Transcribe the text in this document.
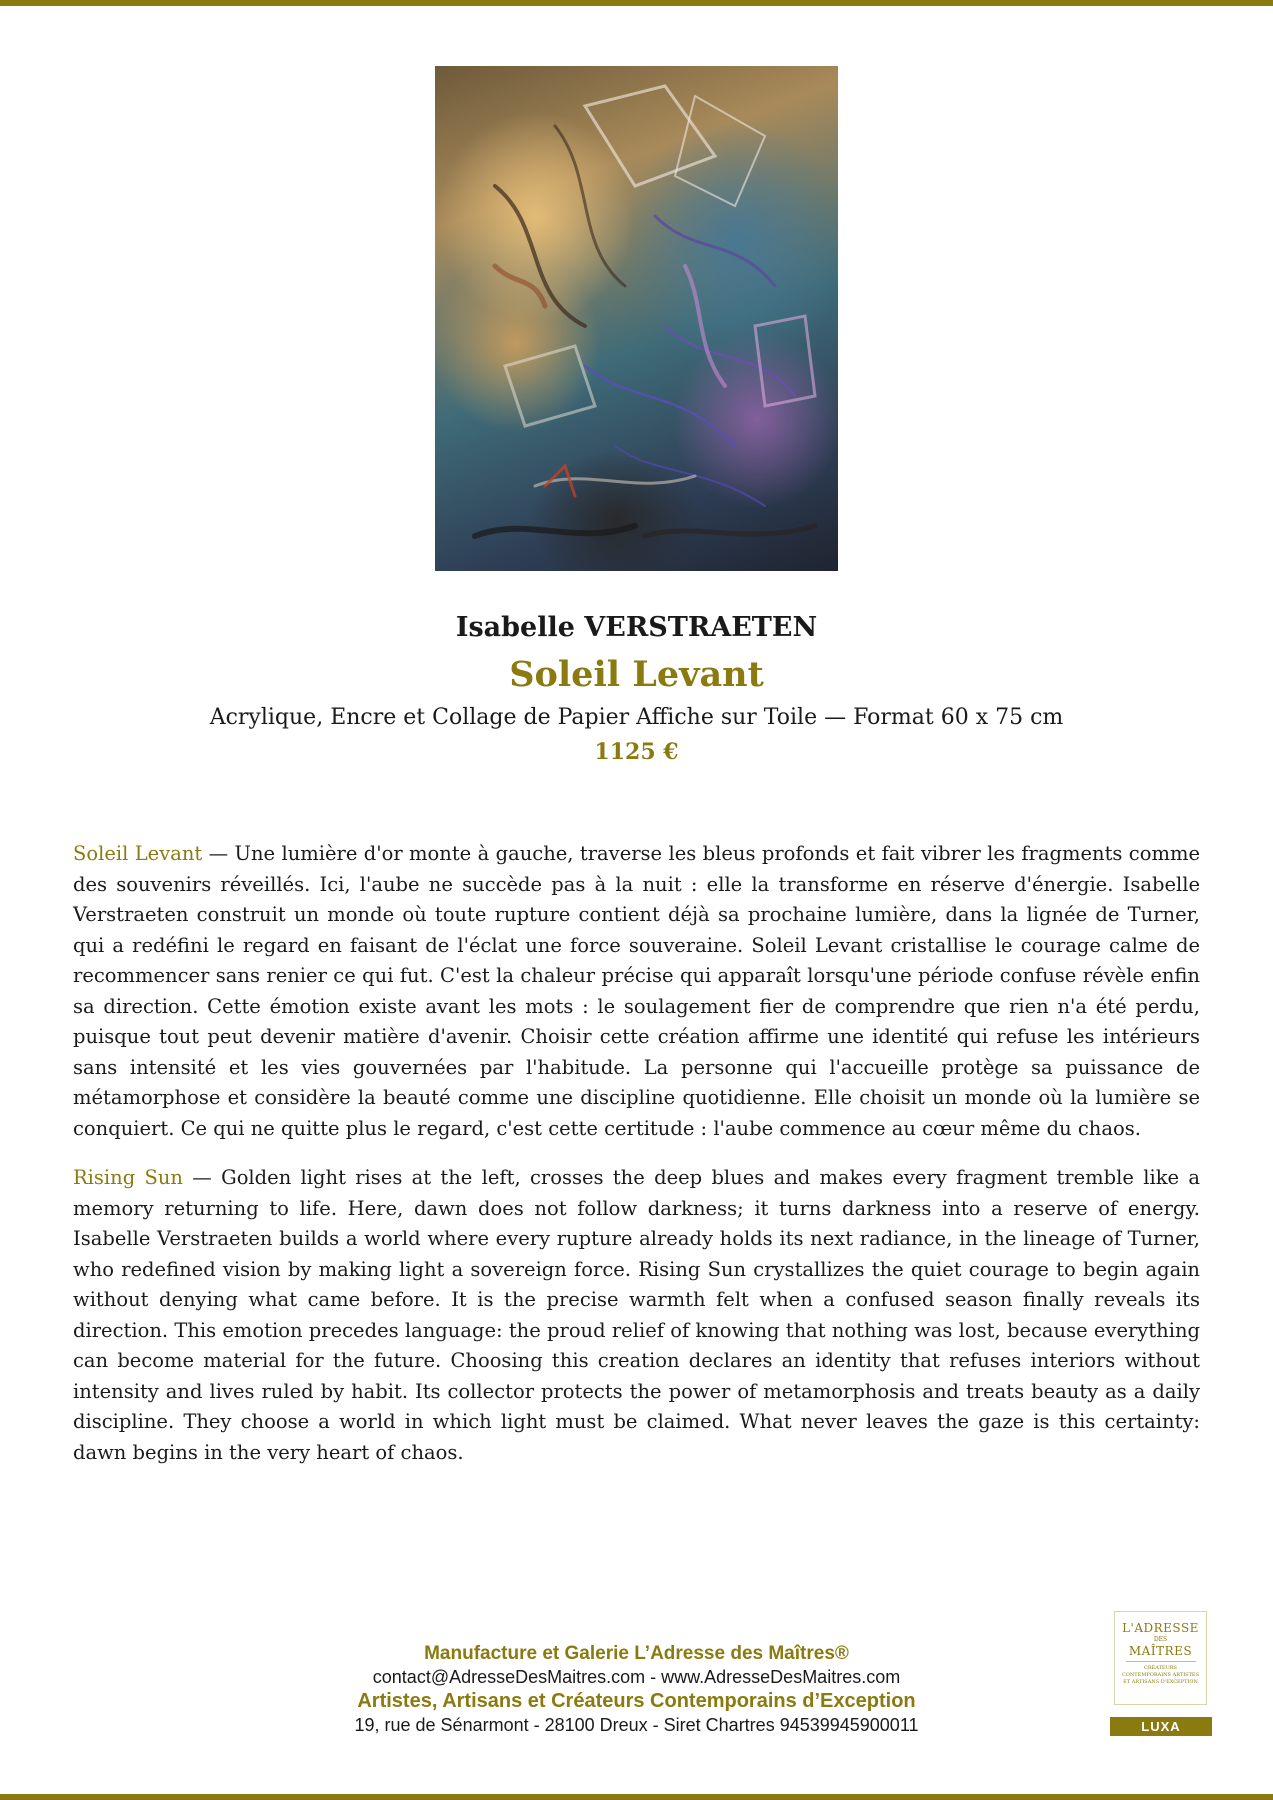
Isabelle VERSTRAETEN
Soleil Levant
Acrylique, Encre et Collage de Papier Affiche sur Toile — Format 60 x 75 cm
1125 €

Soleil Levant — Une lumière d'or monte à gauche, traverse les bleus profonds et fait vibrer les fragments comme des souvenirs réveillés. Ici, l'aube ne succède pas à la nuit : elle la transforme en réserve d'énergie. Isabelle Verstraeten construit un monde où toute rupture contient déjà sa prochaine lumière, dans la lignée de Turner, qui a redéfini le regard en faisant de l'éclat une force souveraine. Soleil Levant cristallise le courage calme de recommencer sans renier ce qui fut. C'est la chaleur précise qui apparaît lorsqu'une période confuse révèle enfin sa direction. Cette émotion existe avant les mots : le soulagement fier de comprendre que rien n'a été perdu, puisque tout peut devenir matière d'avenir. Choisir cette création affirme une identité qui refuse les intérieurs sans intensité et les vies gouvernées par l'habitude. La personne qui l'accueille protège sa puissance de métamorphose et considère la beauté comme une discipline quotidienne. Elle choisit un monde où la lumière se conquiert. Ce qui ne quitte plus le regard, c'est cette certitude : l'aube commence au cœur même du chaos.

Rising Sun — Golden light rises at the left, crosses the deep blues and makes every fragment tremble like a memory returning to life. Here, dawn does not follow darkness; it turns darkness into a reserve of energy. Isabelle Verstraeten builds a world where every rupture already holds its next radiance, in the lineage of Turner, who redefined vision by making light a sovereign force. Rising Sun crystallizes the quiet courage to begin again without denying what came before. It is the precise warmth felt when a confused season finally reveals its direction. This emotion precedes language: the proud relief of knowing that nothing was lost, because everything can become material for the future. Choosing this creation declares an identity that refuses interiors without intensity and lives ruled by habit. Its collector protects the power of metamorphosis and treats beauty as a daily discipline. They choose a world in which light must be claimed. What never leaves the gaze is this certainty: dawn begins in the very heart of chaos.

Manufacture et Galerie L’Adresse des Maîtres®
contact@AdresseDesMaitres.com - www.AdresseDesMaitres.com
Artistes, Artisans et Créateurs Contemporains d’Exception
19, rue de Sénarmont - 28100 Dreux - Siret Chartres 94539945900011
L'ADRESSE
DES
MAÎTRES
CRÉATEURS CONTEMPORAINS ARTISTES ET ARTISANS D'EXCEPTION
LUXA
